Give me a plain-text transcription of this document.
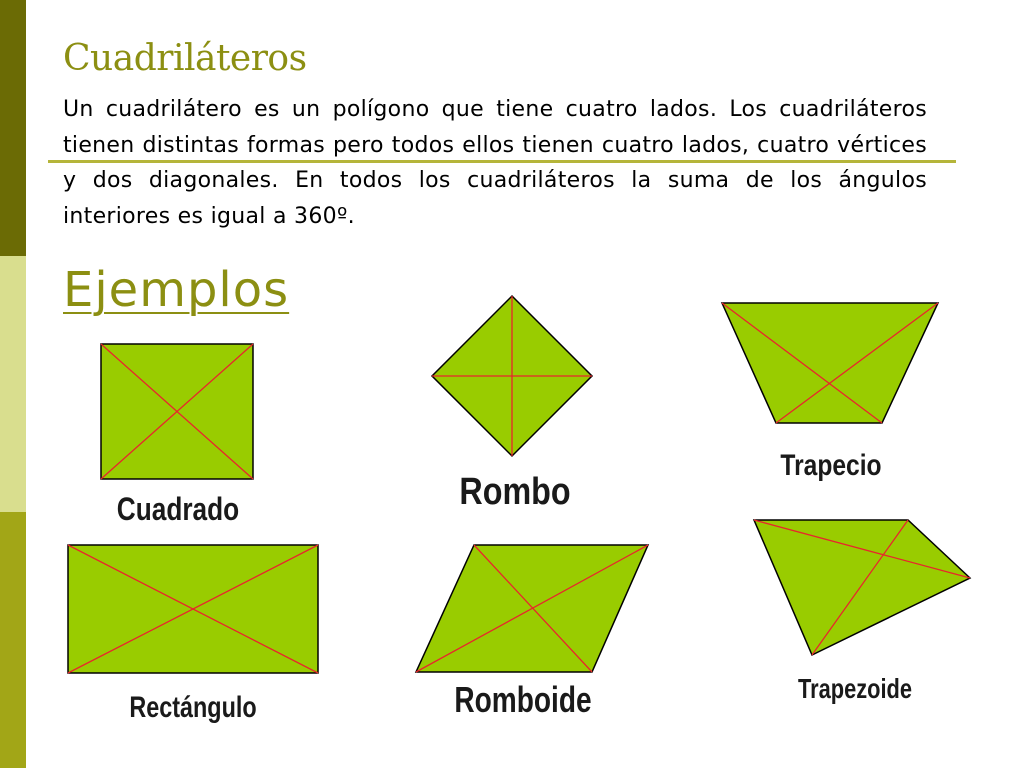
Cuadriláteros

Un cuadrilátero es un polígono que tiene cuatro lados. Los cuadriláteros tienen distintas formas pero todos ellos tienen cuatro lados, cuatro vértices y dos diagonales. En todos los cuadriláteros la suma de los ángulos interiores es igual a 360º.

Ejemplos
Cuadrado	Rombo
Trapecio
Rectángulo	Romboide	Trapezoide
